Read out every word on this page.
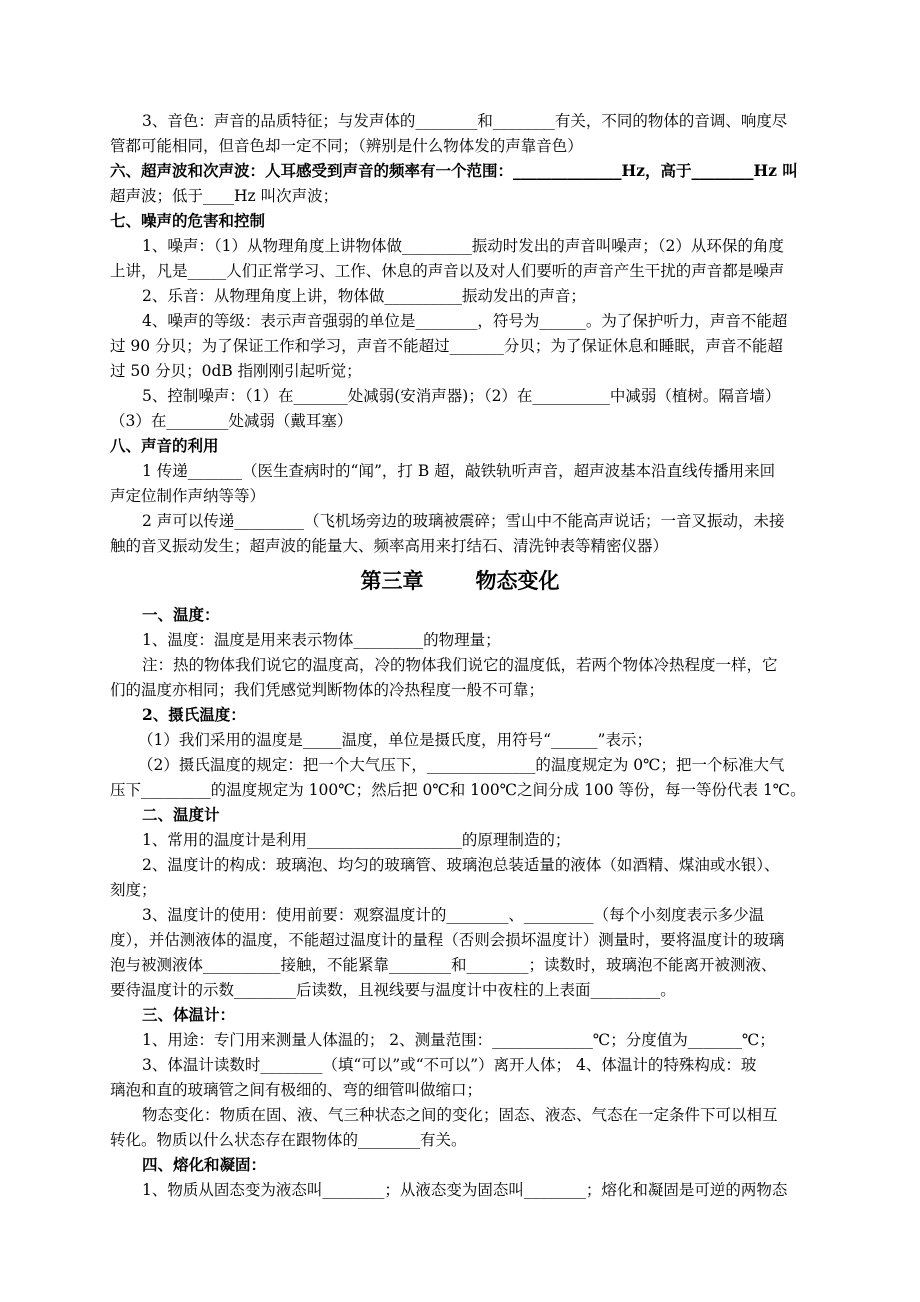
3、音色：声音的品质特征；与发声体的________和________有关，不同的物体的音调、响度尽
管都可能相同，但音色却一定不同；（辨别是什么物体发的声靠音色）
六、超声波和次声波：人耳感受到声音的频率有一个范围：______________Hz，高于________Hz 叫
超声波；低于____Hz 叫次声波；
七、噪声的危害和控制
1、噪声：（1）从物理角度上讲物体做_________振动时发出的声音叫噪声；（2）从环保的角度
上讲，凡是_____人们正常学习、工作、休息的声音以及对人们要听的声音产生干扰的声音都是噪声
2、乐音：从物理角度上讲，物体做__________振动发出的声音；
4、噪声的等级：表示声音强弱的单位是________，符号为______。为了保护听力，声音不能超
过 90 分贝；为了保证工作和学习，声音不能超过_______分贝；为了保证休息和睡眠，声音不能超
过 50 分贝；0dB 指刚刚引起听觉；
5、控制噪声：（1）在_______处减弱(安消声器)；（2）在__________中减弱（植树。隔音墙）
（3）在________处减弱（戴耳塞）
八、声音的利用
1 传递_______（医生查病时的“闻”，打 B 超，敲铁轨听声音，超声波基本沿直线传播用来回
声定位制作声纳等等）
2 声可以传递_________（飞机场旁边的玻璃被震碎；雪山中不能高声说话；一音叉振动，未接
触的音叉振动发生；超声波的能量大、频率高用来打结石、清洗钟表等精密仪器）
第三章 物态变化
一、温度：
1、温度：温度是用来表示物体_________的物理量；
注：热的物体我们说它的温度高，冷的物体我们说它的温度低，若两个物体冷热程度一样，它
们的温度亦相同；我们凭感觉判断物体的冷热程度一般不可靠；
2、摄氏温度：
（1）我们采用的温度是_____温度，单位是摄氏度，用符号“______”表示；
（2）摄氏温度的规定：把一个大气压下，______________的温度规定为 0℃；把一个标准大气
压下_________的温度规定为 100℃；然后把 0℃和 100℃之间分成 100 等份，每一等份代表 1℃。
二、温度计
1、常用的温度计是利用____________________的原理制造的；
2、温度计的构成：玻璃泡、均匀的玻璃管、玻璃泡总装适量的液体（如酒精、煤油或水银）、
刻度；
3、温度计的使用：使用前要：观察温度计的________、_________（每个小刻度表示多少温
度），并估测液体的温度，不能超过温度计的量程（否则会损坏温度计）测量时，要将温度计的玻璃
泡与被测液体__________接触，不能紧靠________和________；读数时，玻璃泡不能离开被测液、
要待温度计的示数________后读数，且视线要与温度计中夜柱的上表面_________。
三、体温计：
1、用途：专门用来测量人体温的； 2、测量范围：_____________℃；分度值为_______℃；
3、体温计读数时________（填“可以”或“不可以”）离开人体； 4、体温计的特殊构成：玻
璃泡和直的玻璃管之间有极细的、弯的细管叫做缩口；
物态变化：物质在固、液、气三种状态之间的变化；固态、液态、气态在一定条件下可以相互
转化。物质以什么状态存在跟物体的________有关。
四、熔化和凝固：
1、物质从固态变为液态叫________；从液态变为固态叫________；熔化和凝固是可逆的两物态
